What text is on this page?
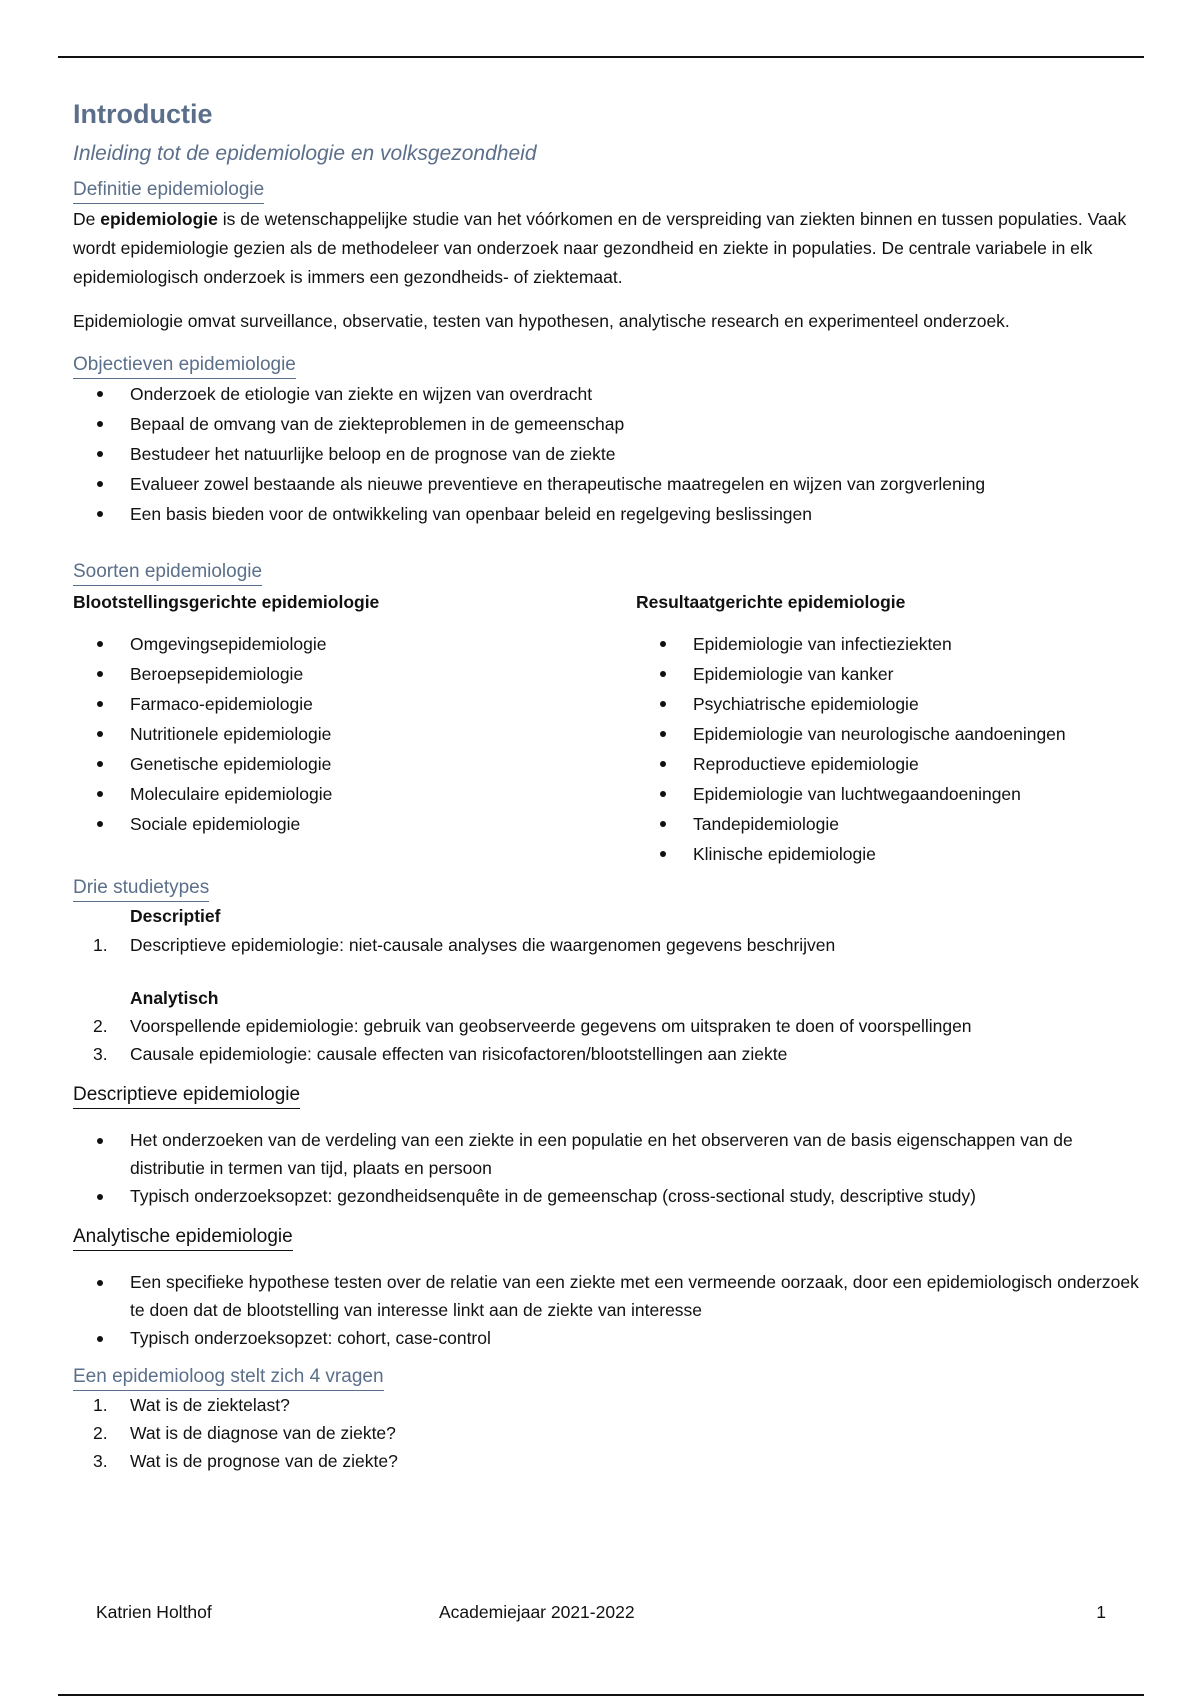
Introductie
Inleiding tot de epidemiologie en volksgezondheid
Definitie epidemiologie

De epidemiologie is de wetenschappelijke studie van het vóórkomen en de verspreiding van ziekten binnen en tussen populaties. Vaak wordt epidemiologie gezien als de methodeleer van onderzoek naar gezondheid en ziekte in populaties. De centrale variabele in elk epidemiologisch onderzoek is immers een gezondheids- of ziektemaat.

Epidemiologie omvat surveillance, observatie, testen van hypothesen, analytische research en experimenteel onderzoek.

Objectieven epidemiologie
Onderzoek de etiologie van ziekte en wijzen van overdracht
Bepaal de omvang van de ziekteproblemen in de gemeenschap
Bestudeer het natuurlijke beloop en de prognose van de ziekte
Evalueer zowel bestaande als nieuwe preventieve en therapeutische maatregelen en wijzen van zorgverlening
Een basis bieden voor de ontwikkeling van openbaar beleid en regelgeving beslissingen
Soorten epidemiologie
Blootstellingsgerichte epidemiologie
Omgevingsepidemiologie
Beroepsepidemiologie
Farmaco-epidemiologie
Nutritionele epidemiologie
Genetische epidemiologie
Moleculaire epidemiologie
Sociale epidemiologie
Resultaatgerichte epidemiologie
Epidemiologie van infectieziekten
Epidemiologie van kanker
Psychiatrische epidemiologie
Epidemiologie van neurologische aandoeningen
Reproductieve epidemiologie
Epidemiologie van luchtwegaandoeningen
Tandepidemiologie
Klinische epidemiologie
Drie studietypes
Descriptief
1. Descriptieve epidemiologie: niet-causale analyses die waargenomen gegevens beschrijven
Analytisch
2. Voorspellende epidemiologie: gebruik van geobserveerde gegevens om uitspraken te doen of voorspellingen
3. Causale epidemiologie: causale effecten van risicofactoren/blootstellingen aan ziekte
Descriptieve epidemiologie
Het onderzoeken van de verdeling van een ziekte in een populatie en het observeren van de basis eigenschappen van de distributie in termen van tijd, plaats en persoon
Typisch onderzoeksopzet: gezondheidsenquête in de gemeenschap (cross-sectional study, descriptive study)
Analytische epidemiologie
Een specifieke hypothese testen over de relatie van een ziekte met een vermeende oorzaak, door een epidemiologisch onderzoek te doen dat de blootstelling van interesse linkt aan de ziekte van interesse
Typisch onderzoeksopzet: cohort, case-control
Een epidemioloog stelt zich 4 vragen
1. Wat is de ziektelast?
2. Wat is de diagnose van de ziekte?
3. Wat is de prognose van de ziekte?
Katrien Holthof	Academiejaar 2021-2022	1
